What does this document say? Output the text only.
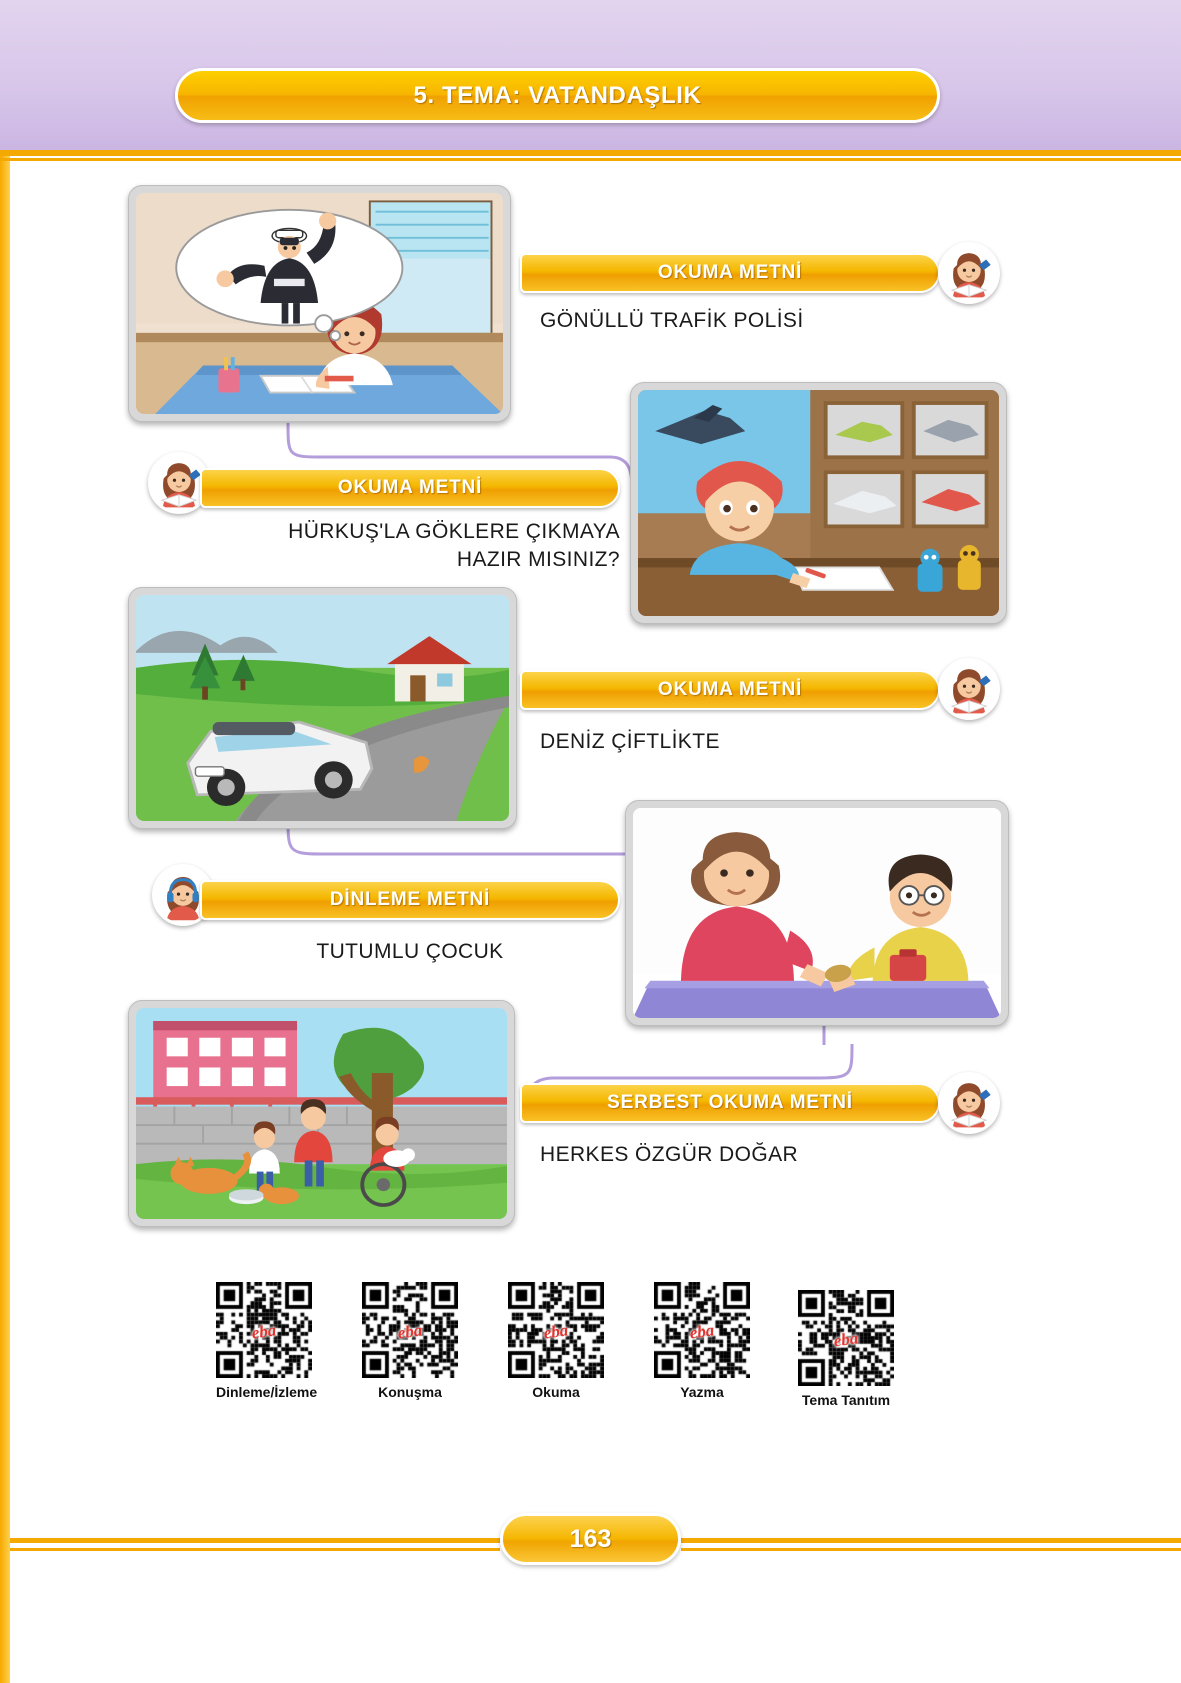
5. TEMA: VATANDAŞLIK
OKUMA METNİ
GÖNÜLLÜ TRAFİK POLİSİ
OKUMA METNİ
HÜRKUŞ'LA GÖKLERE ÇIKMAYA
HAZIR MISINIZ?
OKUMA METNİ
DENİZ ÇİFTLİKTE
DİNLEME METNİ
TUTUMLU ÇOCUK
SERBEST OKUMA METNİ
HERKES ÖZGÜR DOĞAR
eba
Dinleme/İzleme
eba
Konuşma
eba
Okuma
eba
Yazma
eba
Tema Tanıtım
163
